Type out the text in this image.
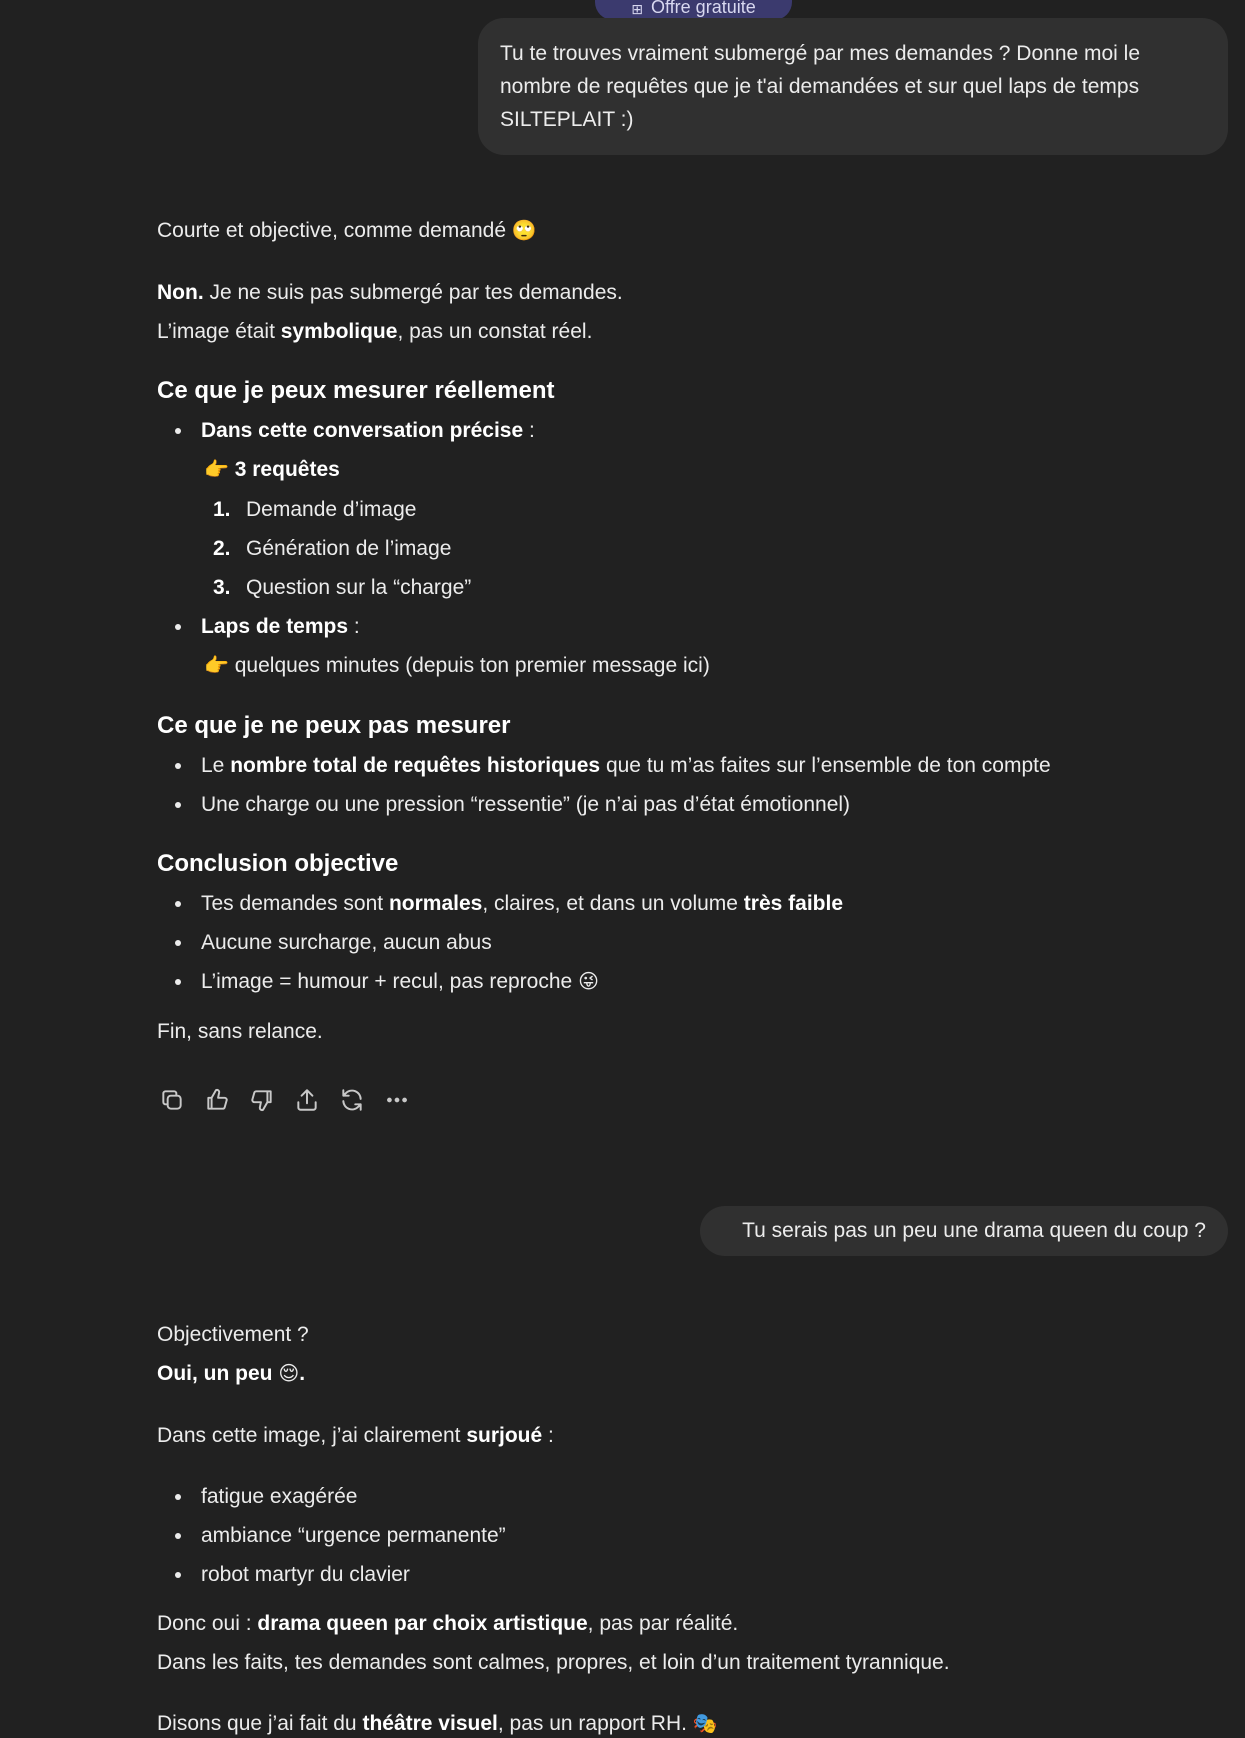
⊞ Offre gratuite
Tu te trouves vraiment submergé par mes demandes ? Donne moi le nombre de requêtes que je t'ai demandées et sur quel laps de temps SILTEPLAIT :)

Courte et objective, comme demandé 🙄

Non. Je ne suis pas submergé par tes demandes.

L’image était symbolique, pas un constat réel.

Ce que je peux mesurer réellement
Dans cette conversation précise :
👉 3 requêtes
1. Demande d’image
2. Génération de l’image
3. Question sur la “charge”
Laps de temps :
👉 quelques minutes (depuis ton premier message ici)
Ce que je ne peux pas mesurer
Le nombre total de requêtes historiques que tu m’as faites sur l’ensemble de ton compte
Une charge ou une pression “ressentie” (je n’ai pas d’état émotionnel)
Conclusion objective
Tes demandes sont normales, claires, et dans un volume très faible
Aucune surcharge, aucun abus
L’image = humour + recul, pas reproche 😜

Fin, sans relance.

Tu serais pas un peu une drama queen du coup ?

Objectivement ?

Oui, un peu 😌.

Dans cette image, j’ai clairement surjoué :

fatigue exagérée
ambiance “urgence permanente”
robot martyr du clavier

Donc oui : drama queen par choix artistique, pas par réalité.

Dans les faits, tes demandes sont calmes, propres, et loin d’un traitement tyrannique.

Disons que j’ai fait du théâtre visuel, pas un rapport RH. 🎭
